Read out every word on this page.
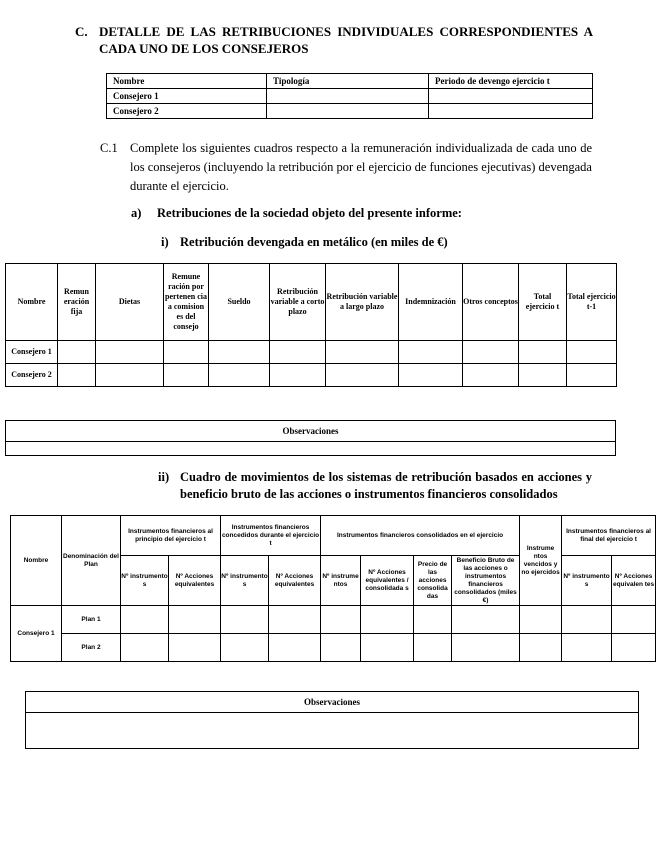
C. DETALLE DE LAS RETRIBUCIONES INDIVIDUALES CORRESPONDIENTES A CADA UNO DE LOS CONSEJEROS
Nombre	Tipología	Periodo de devengo ejercicio t
Consejero 1		
Consejero 2		
C.1 Complete los siguientes cuadros respecto a la remuneración individualizada de cada uno de los consejeros (incluyendo la retribución por el ejercicio de funciones ejecutivas) devengada durante el ejercicio.
a) Retribuciones de la sociedad objeto del presente informe:
i) Retribución devengada en metálico (en miles de €)
Nombre	Remun eración fija	Dietas	Remune ración por pertenen cia a comision es del consejo	Sueldo	Retribución variable a corto plazo	Retribución variable a largo plazo	Indemnización	Otros conceptos	Total ejercicio t	Total ejercicio t-1
Consejero 1										
Consejero 2										
Observaciones

ii) Cuadro de movimientos de los sistemas de retribución basados en acciones y beneficio bruto de las acciones o instrumentos financieros consolidados
Nombre	Denominación del Plan	Instrumentos financieros al principio del ejercicio t		Instrumentos financieros concedidos durante el ejercicio t		Instrumentos financieros consolidados en el ejercicio				Instrume ntos vencidos y no ejercidos	Instrumentos financieros al final del ejercicio t	
		Nº instrumento s	Nº Acciones equivalentes	Nº instrumento s	Nº Acciones equivalentes	Nº instrume ntos	Nº Acciones equivalentes / consolidada s	Precio de las acciones consolida das	Beneficio Bruto de las acciones o instrumentos financieros consolidados (miles €)		Nº instrumento s	Nº Acciones equivalen tes
Consejero 1	Plan 1											
	Plan 2											
Observaciones
